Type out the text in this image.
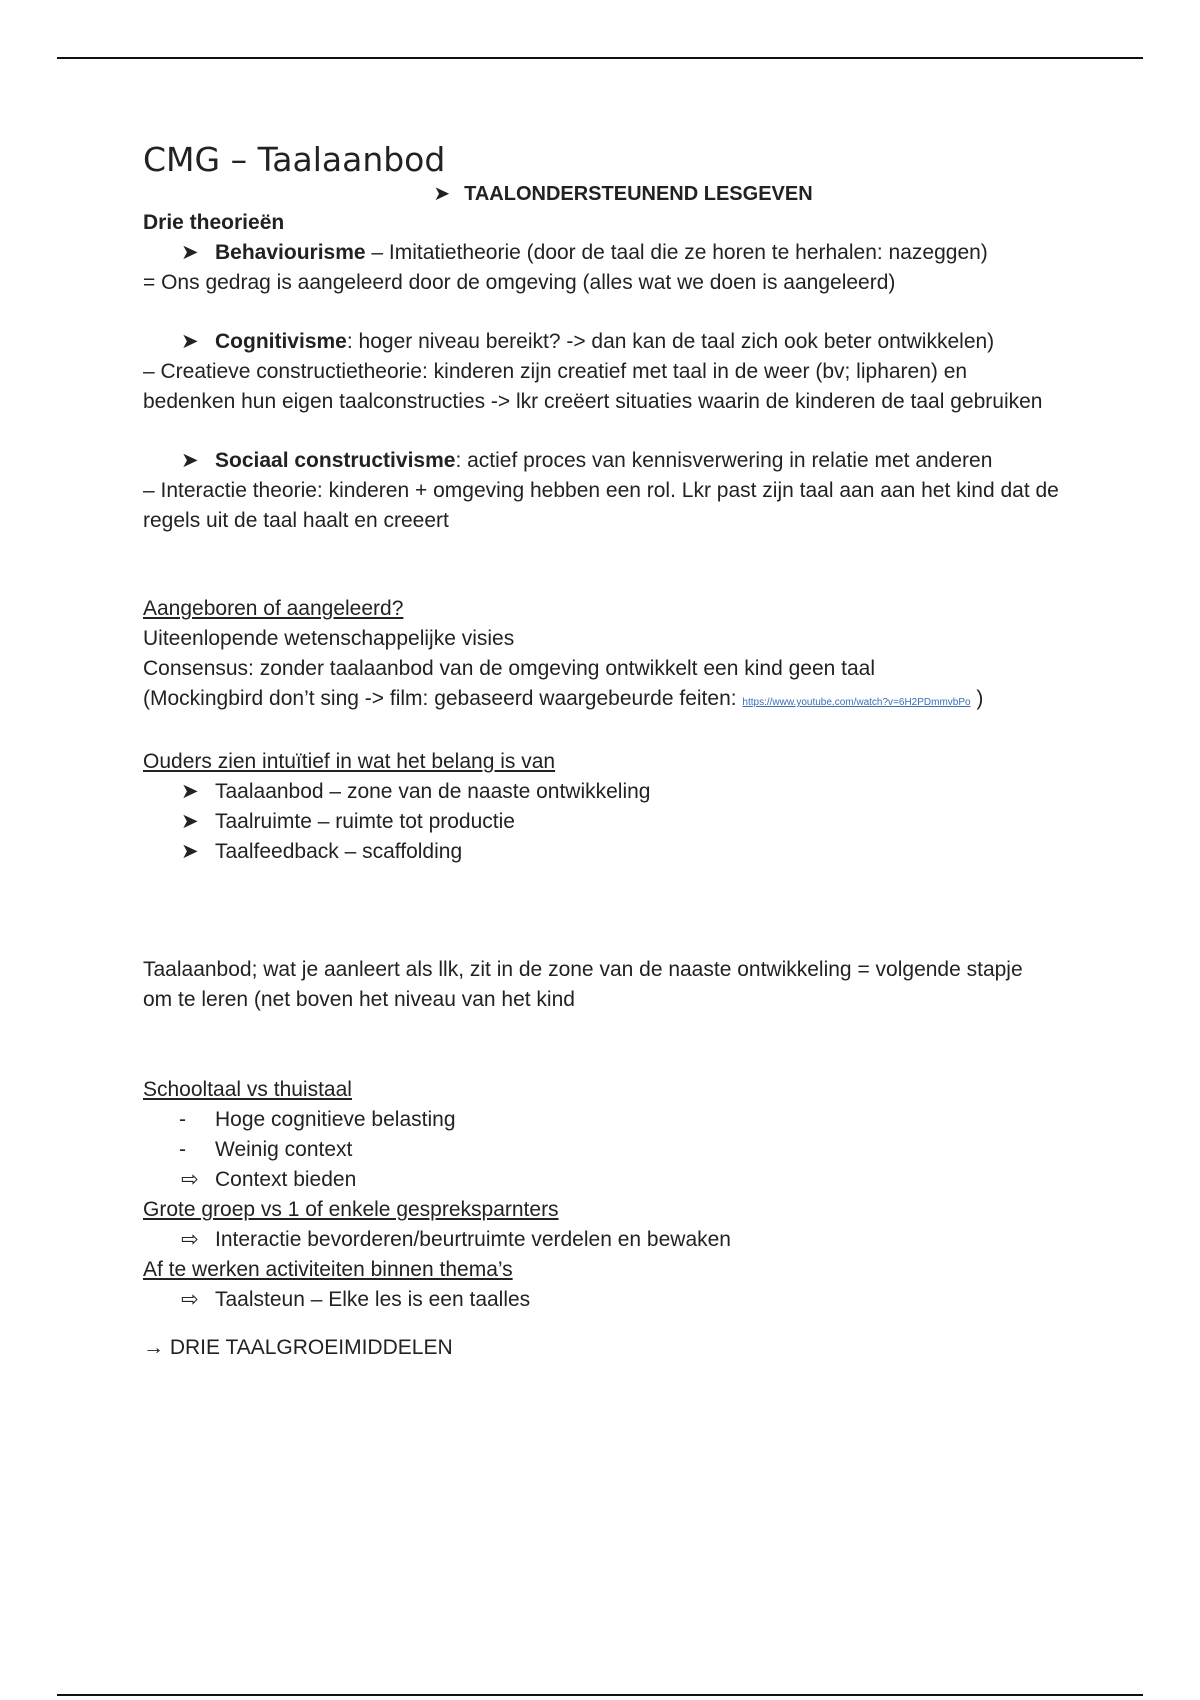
CMG – Taalaanbod

➤ TAALONDERSTEUNEND LESGEVEN

Drie theorieën

➤ Behaviourisme – Imitatietheorie (door de taal die ze horen te herhalen: nazeggen)

= Ons gedrag is aangeleerd door de omgeving (alles wat we doen is aangeleerd)

➤ Cognitivisme: hoger niveau bereikt? -> dan kan de taal zich ook beter ontwikkelen)

– Creatieve constructietheorie: kinderen zijn creatief met taal in de weer (bv; lipharen) en bedenken hun eigen taalconstructies -> lkr creëert situaties waarin de kinderen de taal gebruiken

➤ Sociaal constructivisme: actief proces van kennisverwering in relatie met anderen

– Interactie theorie: kinderen + omgeving hebben een rol. Lkr past zijn taal aan aan het kind dat de regels uit de taal haalt en creeert

Aangeboren of aangeleerd?

Uiteenlopende wetenschappelijke visies

Consensus: zonder taalaanbod van de omgeving ontwikkelt een kind geen taal

(Mockingbird don’t sing -> film: gebaseerd waargebeurde feiten: https://www.youtube.com/watch?v=6H2PDmmvbPo )

Ouders zien intuïtief in wat het belang is van

➤ Taalaanbod – zone van de naaste ontwikkeling

➤ Taalruimte – ruimte tot productie

➤ Taalfeedback – scaffolding

Taalaanbod; wat je aanleert als llk, zit in de zone van de naaste ontwikkeling = volgende stapje om te leren (net boven het niveau van het kind

Schooltaal vs thuistaal

-	Hoge cognitieve belasting

-	Weinig context

⇨ Context bieden

Grote groep vs 1 of enkele gespreksparnters

⇨ Interactie bevorderen/beurtruimte verdelen en bewaken

Af te werken activiteiten binnen thema’s

⇨ Taalsteun – Elke les is een taalles

→ DRIE TAALGROEIMIDDELEN
